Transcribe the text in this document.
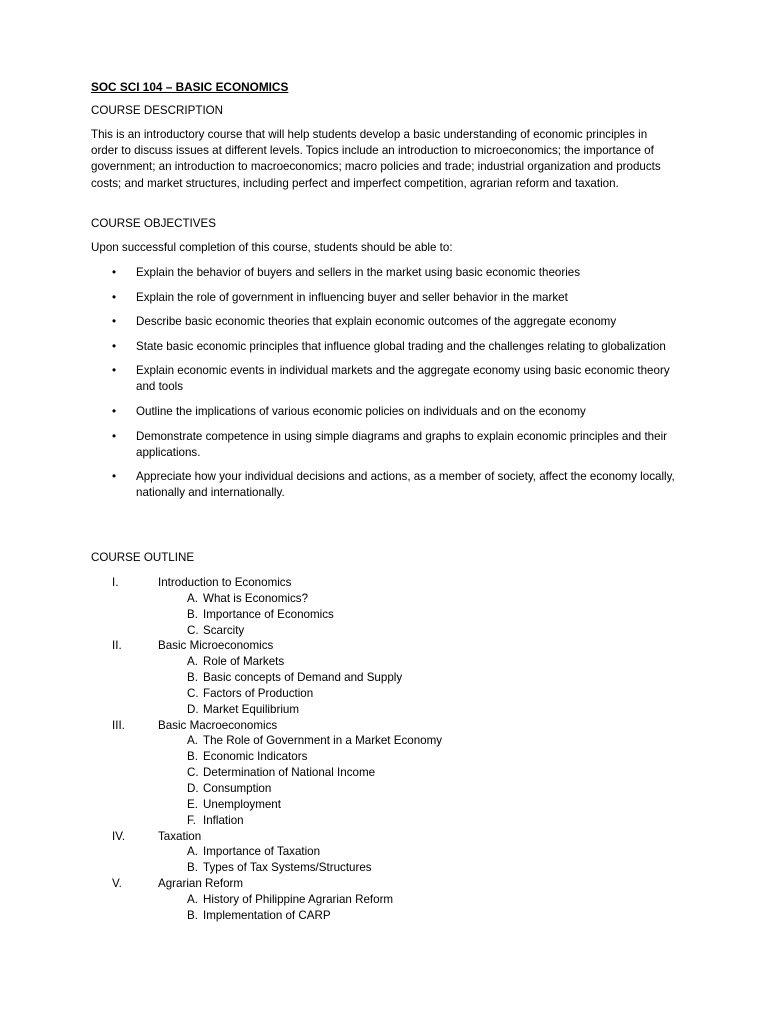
SOC SCI 104 – BASIC ECONOMICS
COURSE DESCRIPTION
This is an introductory course that will help students develop a basic understanding of economic principles in order to discuss issues at different levels. Topics include an introduction to microeconomics; the importance of government; an introduction to macroeconomics; macro policies and trade; industrial organization and products costs; and market structures, including perfect and imperfect competition, agrarian reform and taxation.
COURSE OBJECTIVES
Upon successful completion of this course, students should be able to:
• Explain the behavior of buyers and sellers in the market using basic economic theories
• Explain the role of government in influencing buyer and seller behavior in the market
• Describe basic economic theories that explain economic outcomes of the aggregate economy
• State basic economic principles that influence global trading and the challenges relating to globalization
• Explain economic events in individual markets and the aggregate economy using basic economic theory and tools
• Outline the implications of various economic policies on individuals and on the economy
• Demonstrate competence in using simple diagrams and graphs to explain economic principles and their applications.
• Appreciate how your individual decisions and actions, as a member of society, affect the economy locally, nationally and internationally.
COURSE OUTLINE
I.	Introduction to Economics
A. What is Economics?
B. Importance of Economics
C. Scarcity
II.	Basic Microeconomics
A. Role of Markets
B. Basic concepts of Demand and Supply
C. Factors of Production
D. Market Equilibrium
III.	Basic Macroeconomics
A. The Role of Government in a Market Economy
B. Economic Indicators
C. Determination of National Income
D. Consumption
E. Unemployment
F. Inflation
IV.	Taxation
A. Importance of Taxation
B. Types of Tax Systems/Structures
V.	Agrarian Reform
A. History of Philippine Agrarian Reform
B. Implementation of CARP
